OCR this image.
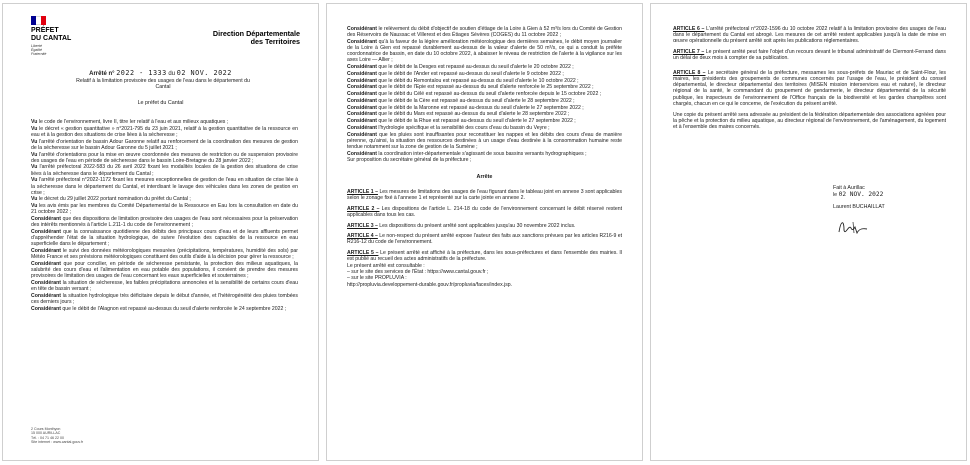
PRÉFET
DU CANTAL
Liberté
Égalité
Fraternité
Direction Départementale
des Territoires
Arrêté n° 2022 - 1333 du 02 NOV. 2022
Relatif à la limitation provisoire des usages de l'eau dans le département du Cantal
Le préfet du Cantal
Vu le code de l'environnement, livre II, titre Ier relatif à l'eau et aux milieux aquatiques ;
Vu le décret « gestion quantitative » n°2021-795 du 23 juin 2021, relatif à la gestion quantitative de la ressource en eau et à la gestion des situations de crise liées à la sécheresse ;
Vu l'arrêté d'orientation de bassin Adour Garonne relatif au renforcement de la coordination des mesures de gestion de la sécheresse sur le bassin Adour Garonne du 5 juillet 2021 ;
Vu l'arrêté d'orientations pour la mise en œuvre coordonnée des mesures de restriction ou de suspension provisoire des usages de l'eau en période de sécheresse dans le bassin Loire-Bretagne du 28 janvier 2022 ;
Vu l'arrêté préfectoral 2022-583 du 26 avril 2022 fixant les modalités locales de la gestion des situations de crise liées à la sécheresse dans le département du Cantal ;
Vu l'arrêté préfectoral n°2022-1172 fixant les mesures exceptionnelles de gestion de l'eau en situation de crise liée à la sécheresse dans le département du Cantal, et interdisant le lavage des véhicules dans les zones de gestion en crise ;
Vu le décret du 29 juillet 2022 portant nomination du préfet du Cantal ;
Vu les avis émis par les membres du Comité Départemental de la Ressource en Eau lors la consultation en date du 21 octobre 2022 ;
Considérant que des dispositions de limitation provisoire des usages de l'eau sont nécessaires pour la préservation des intérêts mentionnés à l'article L.211-1 du code de l'environnement ;
Considérant que la connaissance quotidienne des débits des principaux cours d'eau et de leurs affluents permet d'appréhender l'état de la situation hydrologique, de suivre l'évolution des capacités de la ressource en eau superficielle dans le département ;
Considérant le suivi des données météorologiques mesurées (précipitations, températures, humidité des sols) par Météo France et ses prévisions météorologiques constituent des outils d'aide à la décision pour gérer la ressource ;
Considérant que pour concilier, en période de sécheresse persistante, la protection des milieux aquatiques, la salubrité des cours d'eau et l'alimentation en eau potable des populations, il convient de prendre des mesures provisoires de limitation des usages de l'eau concernant les eaux superficielles et souterraines ;
Considérant la situation de sécheresse, les faibles précipitations annoncées et la sensibilité de certains cours d'eau en tête de bassin versant ;
Considérant la situation hydrologique très déficitaire depuis le début d'année, et l'hétérogénéité des pluies tombées ces derniers jours ;
Considérant que le débit de l'Alagnon est repassé au-dessus du seuil d'alerte renforcée le 24 septembre 2022 ;
2 Cours Monthyon
15 000 AURILLAC
Tél. : 04 71 46 22 00
Site internet : www.cantal.gouv.fr
Considérant le relèvement du débit d'objectif de soutien d'étiage de la Loire à Gien à 52 m³/s lors du Comité de Gestion des Réservoirs de Naussac et Villerest et des Étiages Sévères (COGES) du 11 octobre 2022 ;
Considérant qu'à la faveur de la légère amélioration météorologique des dernières semaines, le débit moyen journalier de la Loire à Gien est repassé durablement au-dessus de la valeur d'alerte de 50 m³/s, ce qui a conduit la préfète coordonnatrice de bassin, en date du 10 octobre 2022, à abaisser le niveau de restriction de l'alerte à la vigilance sur les axes Loire — Allier ;
Considérant que le débit de la Desges est repassé au-dessus du seuil d'alerte le 20 octobre 2022 ;
Considérant que le débit de l'Ander est repassé au-dessus du seuil d'alerte le 9 octobre 2022 ;
Considérant que le débit du Remontalou est repassé au-dessus du seuil d'alerte le 10 octobre 2022 ;
Considérant que le débit de l'Epie est repassé au-dessus du seuil d'alerte renforcée le 25 septembre 2022 ;
Considérant que le débit du Célé est repassé au-dessus du seuil d'alerte renforcée depuis le 15 octobre 2022 ;
Considérant que le débit de la Cère est repassé au-dessus du seuil d'alerte le 28 septembre 2022 ;
Considérant que le débit de la Maronne est repassé au-dessus du seuil d'alerte le 27 septembre 2022 ;
Considérant que le débit du Mars est repassé au-dessus du seuil d'alerte le 28 septembre 2022 ;
Considérant que le débit de la Rhue est repassé au-dessus du seuil d'alerte le 27 septembre 2022 ;
Considérant l'hydrologie spécifique et la sensibilité des cours d'eau du bassin du Veyre ;
Considérant que les pluies sont insuffisantes pour reconstituer les nappes et les débits des cours d'eau de manière pérenne, qu'ainsi, la situation des ressources destinées à un usage d'eau destinée à la consommation humaine reste tendue notamment sur la zone de gestion de la Sumène ;
Considérant la coordination inter-départementale s'agissant de sous bassins versants hydrographiques ;
Sur proposition du secrétaire général de la préfecture ;
Arrête
ARTICLE 1 – Les mesures de limitations des usages de l'eau figurant dans le tableau joint en annexe 3 sont applicables selon le zonage fixé à l'annexe 1 et représenté sur la carte jointe en annexe 2.
ARTICLE 2 – Les dispositions de l'article L. 214-18 du code de l'environnement concernant le débit réservé restent applicables dans tous les cas.
ARTICLE 3 – Les dispositions du présent arrêté sont applicables jusqu'au 30 novembre 2022 inclus.
ARTICLE 4 – Le non-respect du présent arrêté expose l'auteur des faits aux sanctions prévues par les articles R216-9 et R216-12 du code de l'environnement.
ARTICLE 5 – Le présent arrêté est affiché à la préfecture, dans les sous-préfectures et dans l'ensemble des mairies. Il est publié au recueil des actes administratifs de la préfecture.
Le présent arrêté est consultable :
– sur le site des services de l'État : https://www.cantal.gouv.fr ;
– sur le site PROPLUVIA :
http://propluvia.developpement-durable.gouv.fr/propluvia/faces/index.jsp.
ARTICLE 6 – L'arrêté préfectoral n°2022-1596 du 10 octobre 2022 relatif à la limitation provisoire des usages de l'eau dans le département du Cantal est abrogé. Les mesures de cet arrêté restent applicables jusqu'à la date de mise en œuvre opérationnelle du présent arrêté soit après les publications réglementaires.
ARTICLE 7 – Le présent arrêté peut faire l'objet d'un recours devant le tribunal administratif de Clermont-Ferrand dans un délai de deux mois à compter de sa publication.
ARTICLE 8 – Le secrétaire général de la préfecture, messames les sous-préfets de Mauriac et de Saint-Flour, les maires, les présidents des groupements de communes concernés par l'usage de l'eau, le président du conseil départemental, le directeur départemental des territoires (MISEN mission interservices eau et nature), le directeur régional de la santé, le commandant du groupement de gendarmerie, le directeur départemental de la sécurité publique, les inspecteurs de l'environnement de l'Office français de la biodiversité et les gardes champêtres sont chargés, chacun en ce qui le concerne, de l'exécution du présent arrêté.
Une copie du présent arrêté sera adressée au président de la fédération départementale des associations agréées pour la pêche et la protection du milieu aquatique, au directeur régional de l'environnement, de l'aménagement, du logement et à l'ensemble des maires concernés.
Fait à Aurillac
le 02 NOV. 2022
Laurent BUCHAILLAT
